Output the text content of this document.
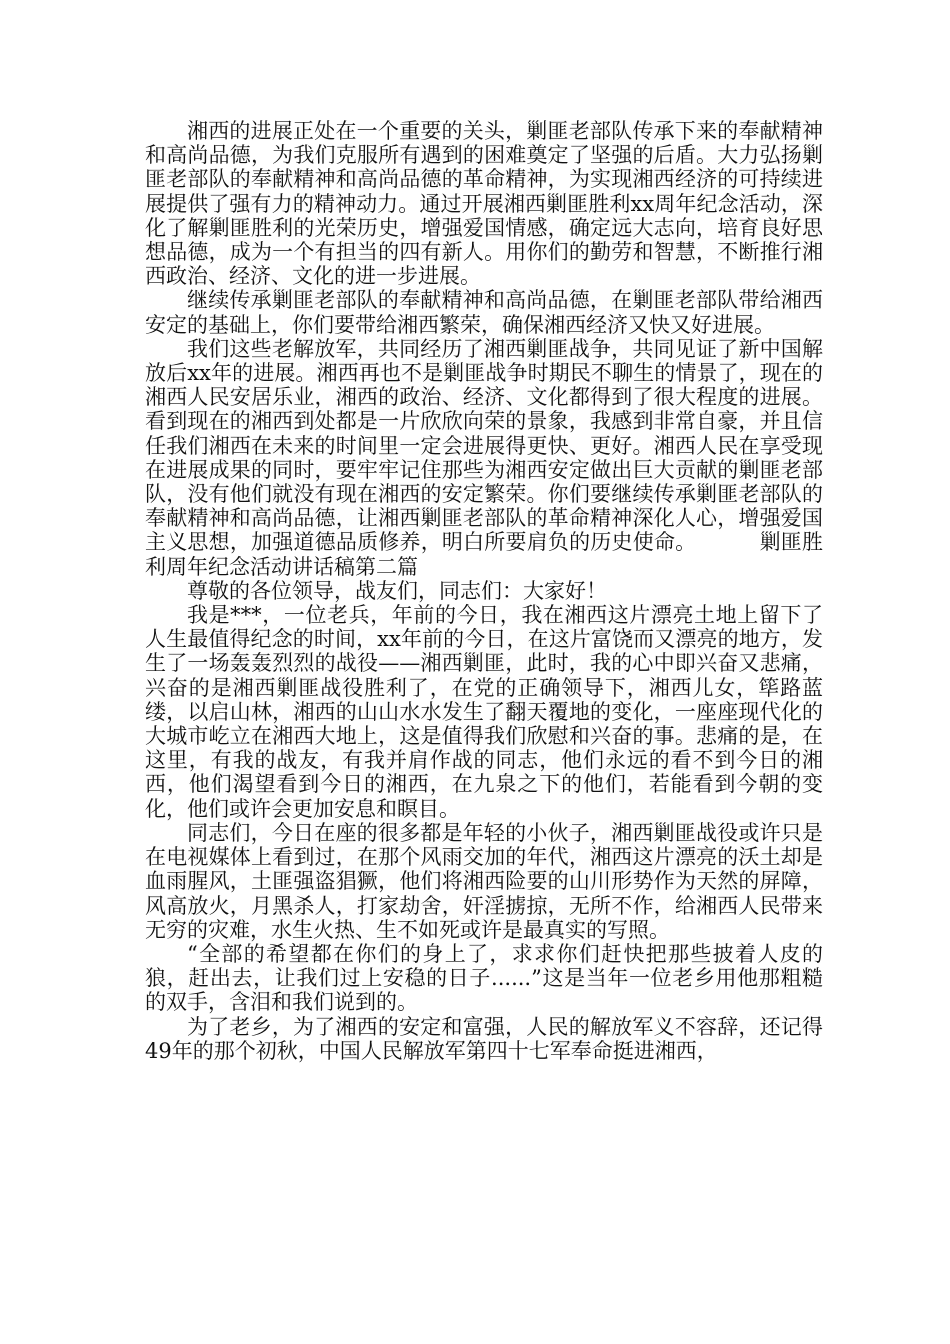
湘西的进展正处在一个重要的关头，剿匪老部队传承下来的奉献精神和高尚品德，为我们克服所有遇到的困难奠定了坚强的后盾。大力弘扬剿匪老部队的奉献精神和高尚品德的革命精神，为实现湘西经济的可持续进展提供了强有力的精神动力。通过开展湘西剿匪胜利xx周年纪念活动，深化了解剿匪胜利的光荣历史，增强爱国情感，确定远大志向，培育良好思想品德，成为一个有担当的四有新人。用你们的勤劳和智慧，不断推行湘西政治、经济、文化的进一步进展。

继续传承剿匪老部队的奉献精神和高尚品德，在剿匪老部队带给湘西安定的基础上，你们要带给湘西繁荣，确保湘西经济又快又好进展。

我们这些老解放军，共同经历了湘西剿匪战争，共同见证了新中国解放后xx年的进展。湘西再也不是剿匪战争时期民不聊生的情景了，现在的湘西人民安居乐业，湘西的政治、经济、文化都得到了很大程度的进展。看到现在的湘西到处都是一片欣欣向荣的景象，我感到非常自豪，并且信任我们湘西在未来的时间里一定会进展得更快、更好。湘西人民在享受现在进展成果的同时，要牢牢记住那些为湘西安定做出巨大贡献的剿匪老部队，没有他们就没有现在湘西的安定繁荣。你们要继续传承剿匪老部队的奉献精神和高尚品德，让湘西剿匪老部队的革命精神深化人心，增强爱国主义思想，加强道德品质修养，明白所要肩负的历史使命。	剿匪胜利周年纪念活动讲话稿第二篇

尊敬的各位领导，战友们，同志们：大家好！

我是***，一位老兵，年前的今日，我在湘西这片漂亮土地上留下了人生最值得纪念的时间，xx年前的今日，在这片富饶而又漂亮的地方，发生了一场轰轰烈烈的战役——湘西剿匪，此时，我的心中即兴奋又悲痛，兴奋的是湘西剿匪战役胜利了，在党的正确领导下，湘西儿女，筚路蓝缕，以启山林，湘西的山山水水发生了翻天覆地的变化，一座座现代化的大城市屹立在湘西大地上，这是值得我们欣慰和兴奋的事。悲痛的是，在这里，有我的战友，有我并肩作战的同志，他们永远的看不到今日的湘西，他们渴望看到今日的湘西，在九泉之下的他们，若能看到今朝的变化，他们或许会更加安息和瞑目。

同志们，今日在座的很多都是年轻的小伙子，湘西剿匪战役或许只是在电视媒体上看到过，在那个风雨交加的年代，湘西这片漂亮的沃土却是血雨腥风，土匪强盗猖獗，他们将湘西险要的山川形势作为天然的屏障，风高放火，月黑杀人，打家劫舍，奸淫掳掠，无所不作，给湘西人民带来无穷的灾难，水生火热、生不如死或许是最真实的写照。

“全部的希望都在你们的身上了，求求你们赶快把那些披着人皮的狼，赶出去，让我们过上安稳的日子......”这是当年一位老乡用他那粗糙的双手，含泪和我们说到的。

为了老乡，为了湘西的安定和富强，人民的解放军义不容辞，还记得49年的那个初秋，中国人民解放军第四十七军奉命挺进湘西，
